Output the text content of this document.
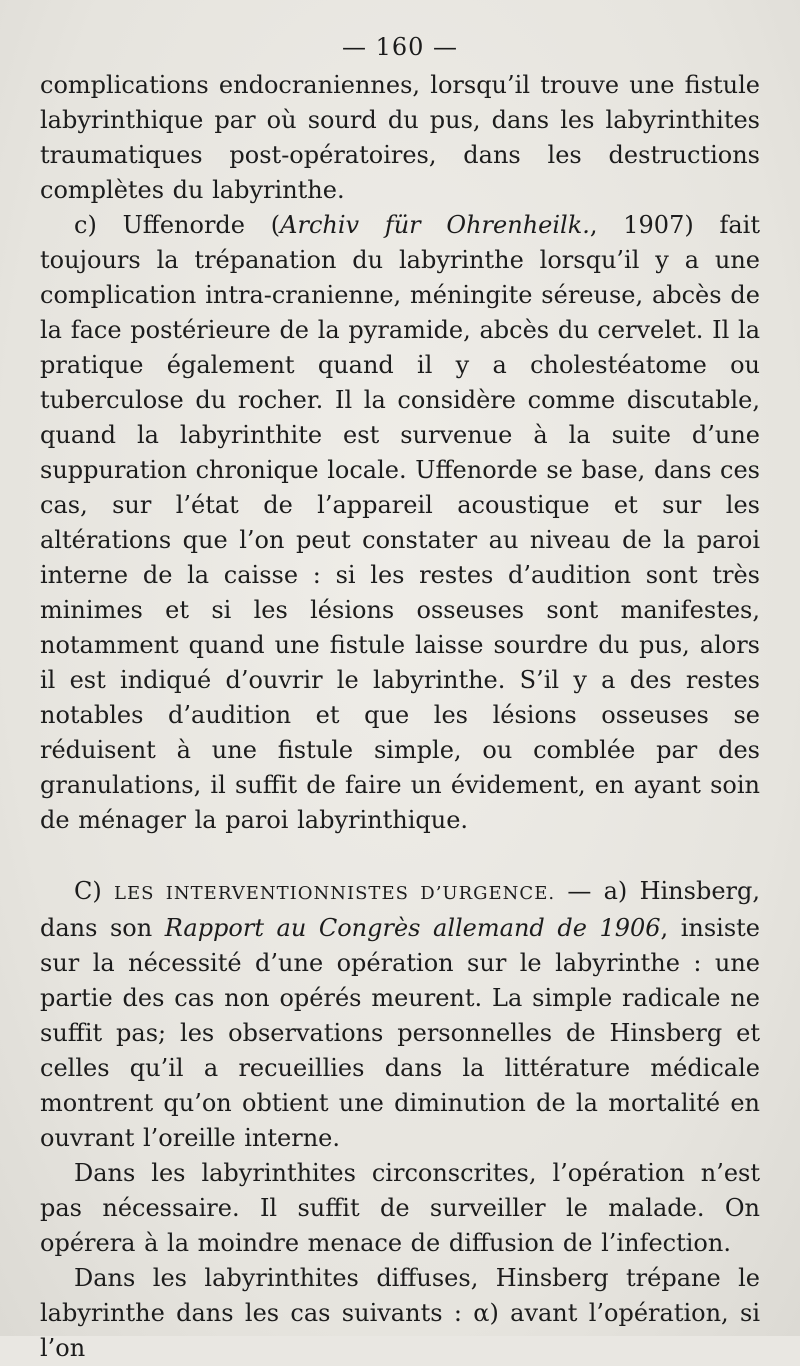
— 160 —

complications endocraniennes, lorsqu’il trouve une fistule labyrinthique par où sourd du pus, dans les labyrinthites traumatiques post-opératoires, dans les destructions complètes du labyrinthe.

c) Uffenorde (Archiv für Ohrenheilk., 1907) fait toujours la trépanation du labyrinthe lorsqu’il y a une complication intra-cranienne, méningite séreuse, abcès de la face postérieure de la pyramide, abcès du cervelet. Il la pratique également quand il y a cholestéatome ou tuberculose du rocher. Il la considère comme discutable, quand la labyrinthite est survenue à la suite d’une suppuration chronique locale. Uffenorde se base, dans ces cas, sur l’état de l’appareil acoustique et sur les altérations que l’on peut constater au niveau de la paroi interne de la caisse : si les restes d’audition sont très minimes et si les lésions osseuses sont manifestes, notamment quand une fistule laisse sourdre du pus, alors il est indiqué d’ouvrir le labyrinthe. S’il y a des restes notables d’audition et que les lésions osseuses se réduisent à une fistule simple, ou comblée par des granulations, il suffit de faire un évidement, en ayant soin de ménager la paroi labyrinthique.

C) LES INTERVENTIONNISTES D’URGENCE. — a) Hinsberg, dans son Rapport au Congrès allemand de 1906, insiste sur la nécessité d’une opération sur le labyrinthe : une partie des cas non opérés meurent. La simple radicale ne suffit pas; les observations personnelles de Hinsberg et celles qu’il a recueillies dans la littérature médicale montrent qu’on obtient une diminution de la mortalité en ouvrant l’oreille interne.

Dans les labyrinthites circonscrites, l’opération n’est pas nécessaire. Il suffit de surveiller le malade. On opérera à la moindre menace de diffusion de l’infection.

Dans les labyrinthites diffuses, Hinsberg trépane le labyrinthe dans les cas suivants : α) avant l’opération, si l’on
